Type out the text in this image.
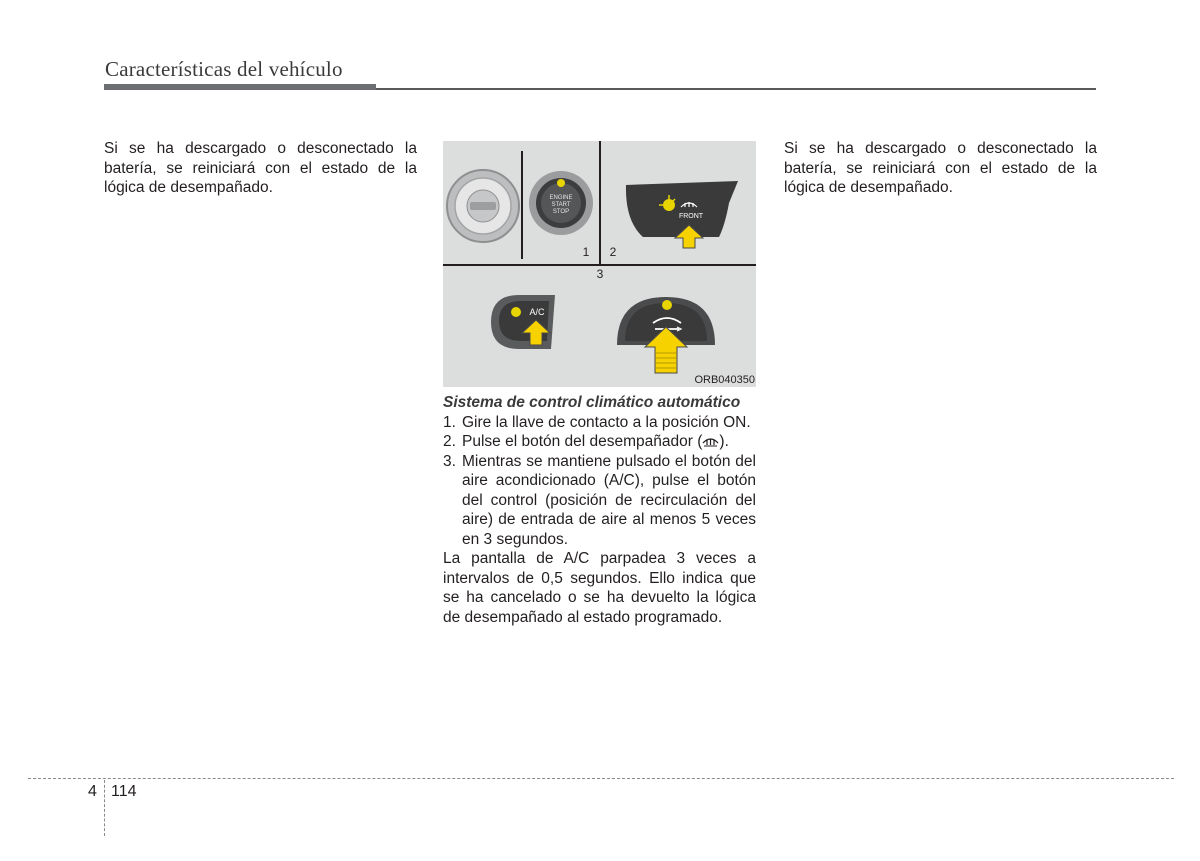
Características del vehículo
Si se ha descargado o desconectado la batería, se reiniciará con el estado de la lógica de desempañado.
ENGINE
START
STOP
FRONT
1 2
3
A/C
ORB040350

Sistema de control climático automático

1. Gire la llave de contacto a la posición ON.
2. Pulse el botón del desempañador ( ).
3. Mientras se mantiene pulsado el botón del aire acondicionado (A/C), pulse el botón del control (posición de recirculación del aire) de entrada de aire al menos 5 veces en 3 segundos.
La pantalla de A/C parpadea 3 veces a intervalos de 0,5 segundos. Ello indica que se ha cancelado o se ha devuelto la lógica de desempañado al estado programado.
Si se ha descargado o desconectado la batería, se reiniciará con el estado de la lógica de desempañado.
4 114
